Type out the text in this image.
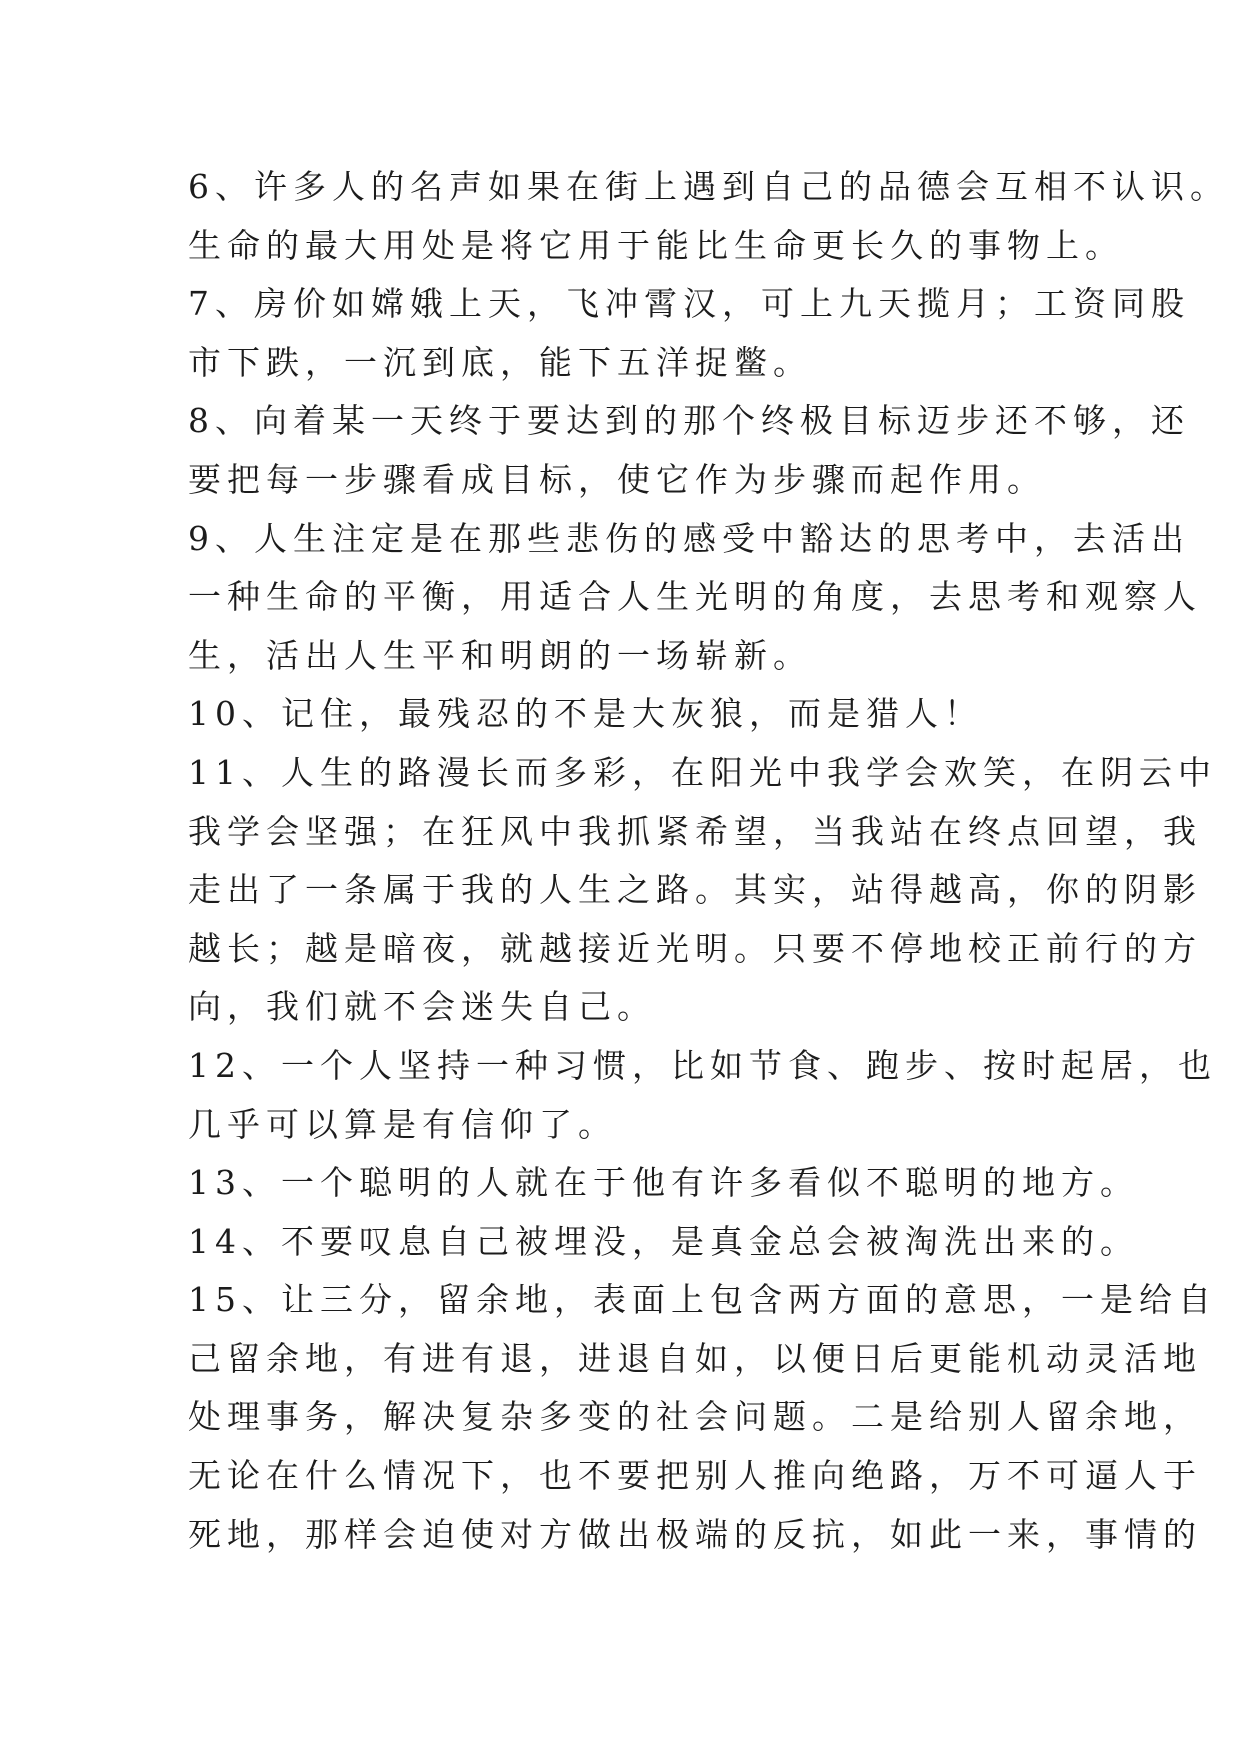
6、许多人的名声如果在街上遇到自己的品德会互相不认识。
生命的最大用处是将它用于能比生命更长久的事物上。
7、房价如嫦娥上天，飞冲霄汉，可上九天揽月；工资同股
市下跌，一沉到底，能下五洋捉鳖。
8、向着某一天终于要达到的那个终极目标迈步还不够，还
要把每一步骤看成目标，使它作为步骤而起作用。
9、人生注定是在那些悲伤的感受中豁达的思考中，去活出
一种生命的平衡，用适合人生光明的角度，去思考和观察人
生，活出人生平和明朗的一场崭新。
10、记住，最残忍的不是大灰狼，而是猎人！
11、人生的路漫长而多彩，在阳光中我学会欢笑，在阴云中
我学会坚强；在狂风中我抓紧希望，当我站在终点回望，我
走出了一条属于我的人生之路。其实，站得越高，你的阴影
越长；越是暗夜，就越接近光明。只要不停地校正前行的方
向，我们就不会迷失自己。
12、一个人坚持一种习惯，比如节食、跑步、按时起居，也
几乎可以算是有信仰了。
13、一个聪明的人就在于他有许多看似不聪明的地方。
14、不要叹息自己被埋没，是真金总会被淘洗出来的。
15、让三分，留余地，表面上包含两方面的意思，一是给自
己留余地，有进有退，进退自如，以便日后更能机动灵活地
处理事务，解决复杂多变的社会问题。二是给别人留余地，
无论在什么情况下，也不要把别人推向绝路，万不可逼人于
死地，那样会迫使对方做出极端的反抗，如此一来，事情的
